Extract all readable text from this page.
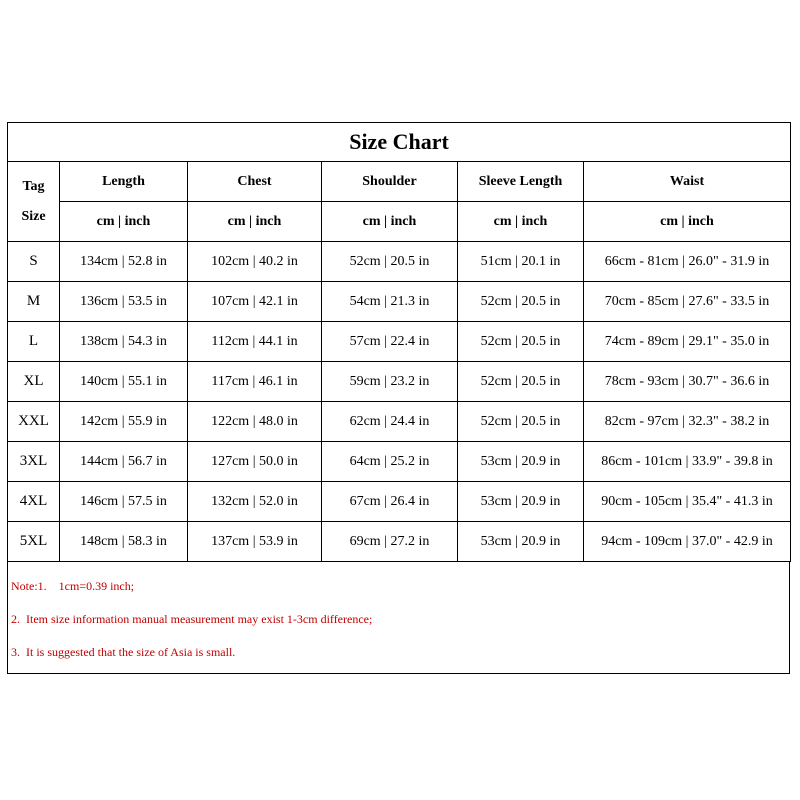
Size Chart					

Tag
Size	Length	Chest	Shoulder	Sleeve Length	Waist
	cm | inch	cm | inch	cm | inch	cm | inch	cm | inch
S	134cm | 52.8 in	102cm | 40.2 in	52cm | 20.5 in	51cm | 20.1 in	66cm - 81cm | 26.0" - 31.9 in
M	136cm | 53.5 in	107cm | 42.1 in	54cm | 21.3 in	52cm | 20.5 in	70cm - 85cm | 27.6" - 33.5 in
L	138cm | 54.3 in	112cm | 44.1 in	57cm | 22.4 in	52cm | 20.5 in	74cm - 89cm | 29.1" - 35.0 in
XL	140cm | 55.1 in	117cm | 46.1 in	59cm | 23.2 in	52cm | 20.5 in	78cm - 93cm | 30.7" - 36.6 in
XXL	142cm | 55.9 in	122cm | 48.0 in	62cm | 24.4 in	52cm | 20.5 in	82cm - 97cm | 32.3" - 38.2 in
3XL	144cm | 56.7 in	127cm | 50.0 in	64cm | 25.2 in	53cm | 20.9 in	86cm - 101cm | 33.9" - 39.8 in
4XL	146cm | 57.5 in	132cm | 52.0 in	67cm | 26.4 in	53cm | 20.9 in	90cm - 105cm | 35.4" - 41.3 in
5XL	148cm | 58.3 in	137cm | 53.9 in	69cm | 27.2 in	53cm | 20.9 in	94cm - 109cm | 37.0" - 42.9 in
Note:1.    1cm=0.39 inch;
2.  Item size information manual measurement may exist 1-3cm difference;
3.  It is suggested that the size of Asia is small.
